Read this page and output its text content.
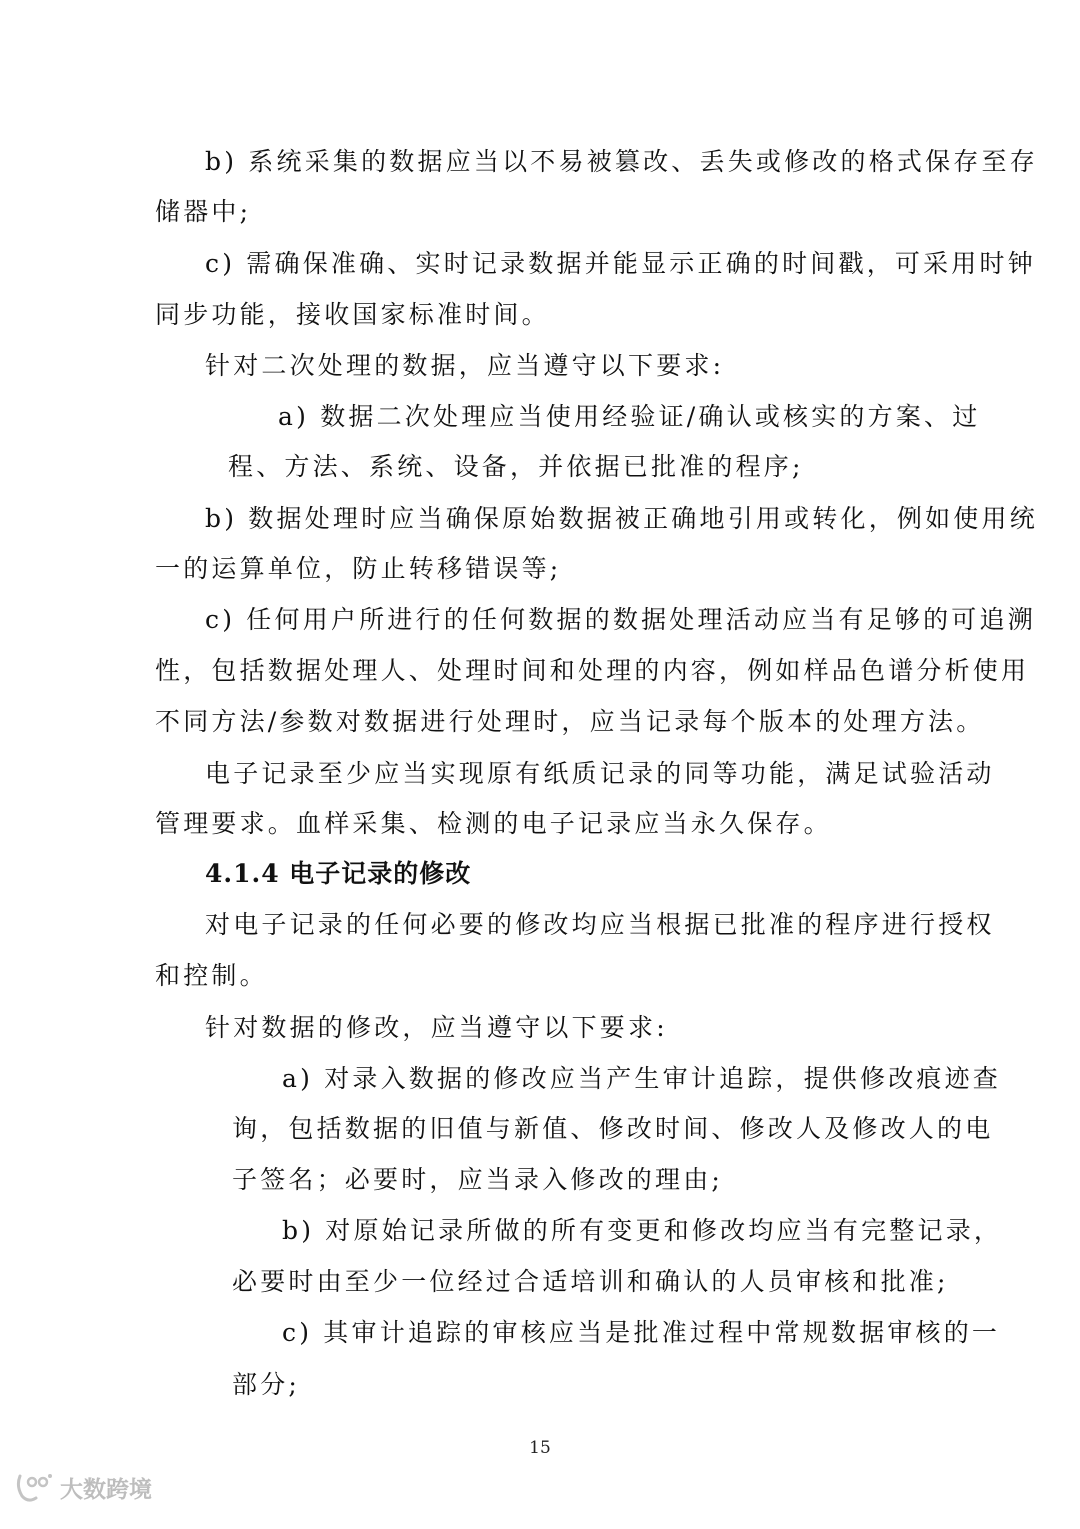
b) 系统采集的数据应当以不易被篡改、丢失或修改的格式保存至存

储器中;

c) 需确保准确、实时记录数据并能显示正确的时间戳，可采用时钟

同步功能，接收国家标准时间。

针对二次处理的数据，应当遵守以下要求:

a) 数据二次处理应当使用经验证/确认或核实的方案、过

程、方法、系统、设备，并依据已批准的程序;

b) 数据处理时应当确保原始数据被正确地引用或转化，例如使用统

一的运算单位，防止转移错误等;

c) 任何用户所进行的任何数据的数据处理活动应当有足够的可追溯

性，包括数据处理人、处理时间和处理的内容，例如样品色谱分析使用

不同方法/参数对数据进行处理时，应当记录每个版本的处理方法。

电子记录至少应当实现原有纸质记录的同等功能，满足试验活动

管理要求。血样采集、检测的电子记录应当永久保存。

4.1.4 电子记录的修改

对电子记录的任何必要的修改均应当根据已批准的程序进行授权

和控制。

针对数据的修改，应当遵守以下要求:

a) 对录入数据的修改应当产生审计追踪，提供修改痕迹查

询，包括数据的旧值与新值、修改时间、修改人及修改人的电

子签名；必要时，应当录入修改的理由;

b) 对原始记录所做的所有变更和修改均应当有完整记录，

必要时由至少一位经过合适培训和确认的人员审核和批准;

c) 其审计追踪的审核应当是批准过程中常规数据审核的一

部分;

15
大数跨境
